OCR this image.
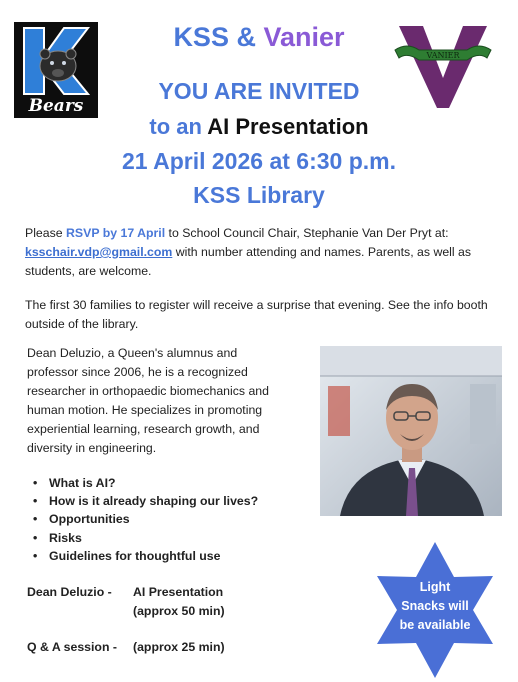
Bears
VANIER
KSS & Vanier
YOU ARE INVITED
to an AI Presentation
21 April 2026 at 6:30 p.m.
KSS Library
Please RSVP by 17 April to School Council Chair, Stephanie Van Der Pryt at: ksschair.vdp@gmail.com with number attending and names. Parents, as well as students, are welcome.
The first 30 families to register will receive a surprise that evening. See the info booth outside of the library.
Dean Deluzio, a Queen's alumnus and professor since 2006, he is a recognized researcher in orthopaedic biomechanics and human motion. He specializes in promoting experiential learning, research growth, and diversity in engineering.
• What is AI?
• How is it already shaping our lives?
• Opportunities
• Risks
• Guidelines for thoughtful use
Dean Deluzio - AI Presentation
(approx 50 min)
Q & A session - (approx 25 min)
Light
Snacks will
be available
